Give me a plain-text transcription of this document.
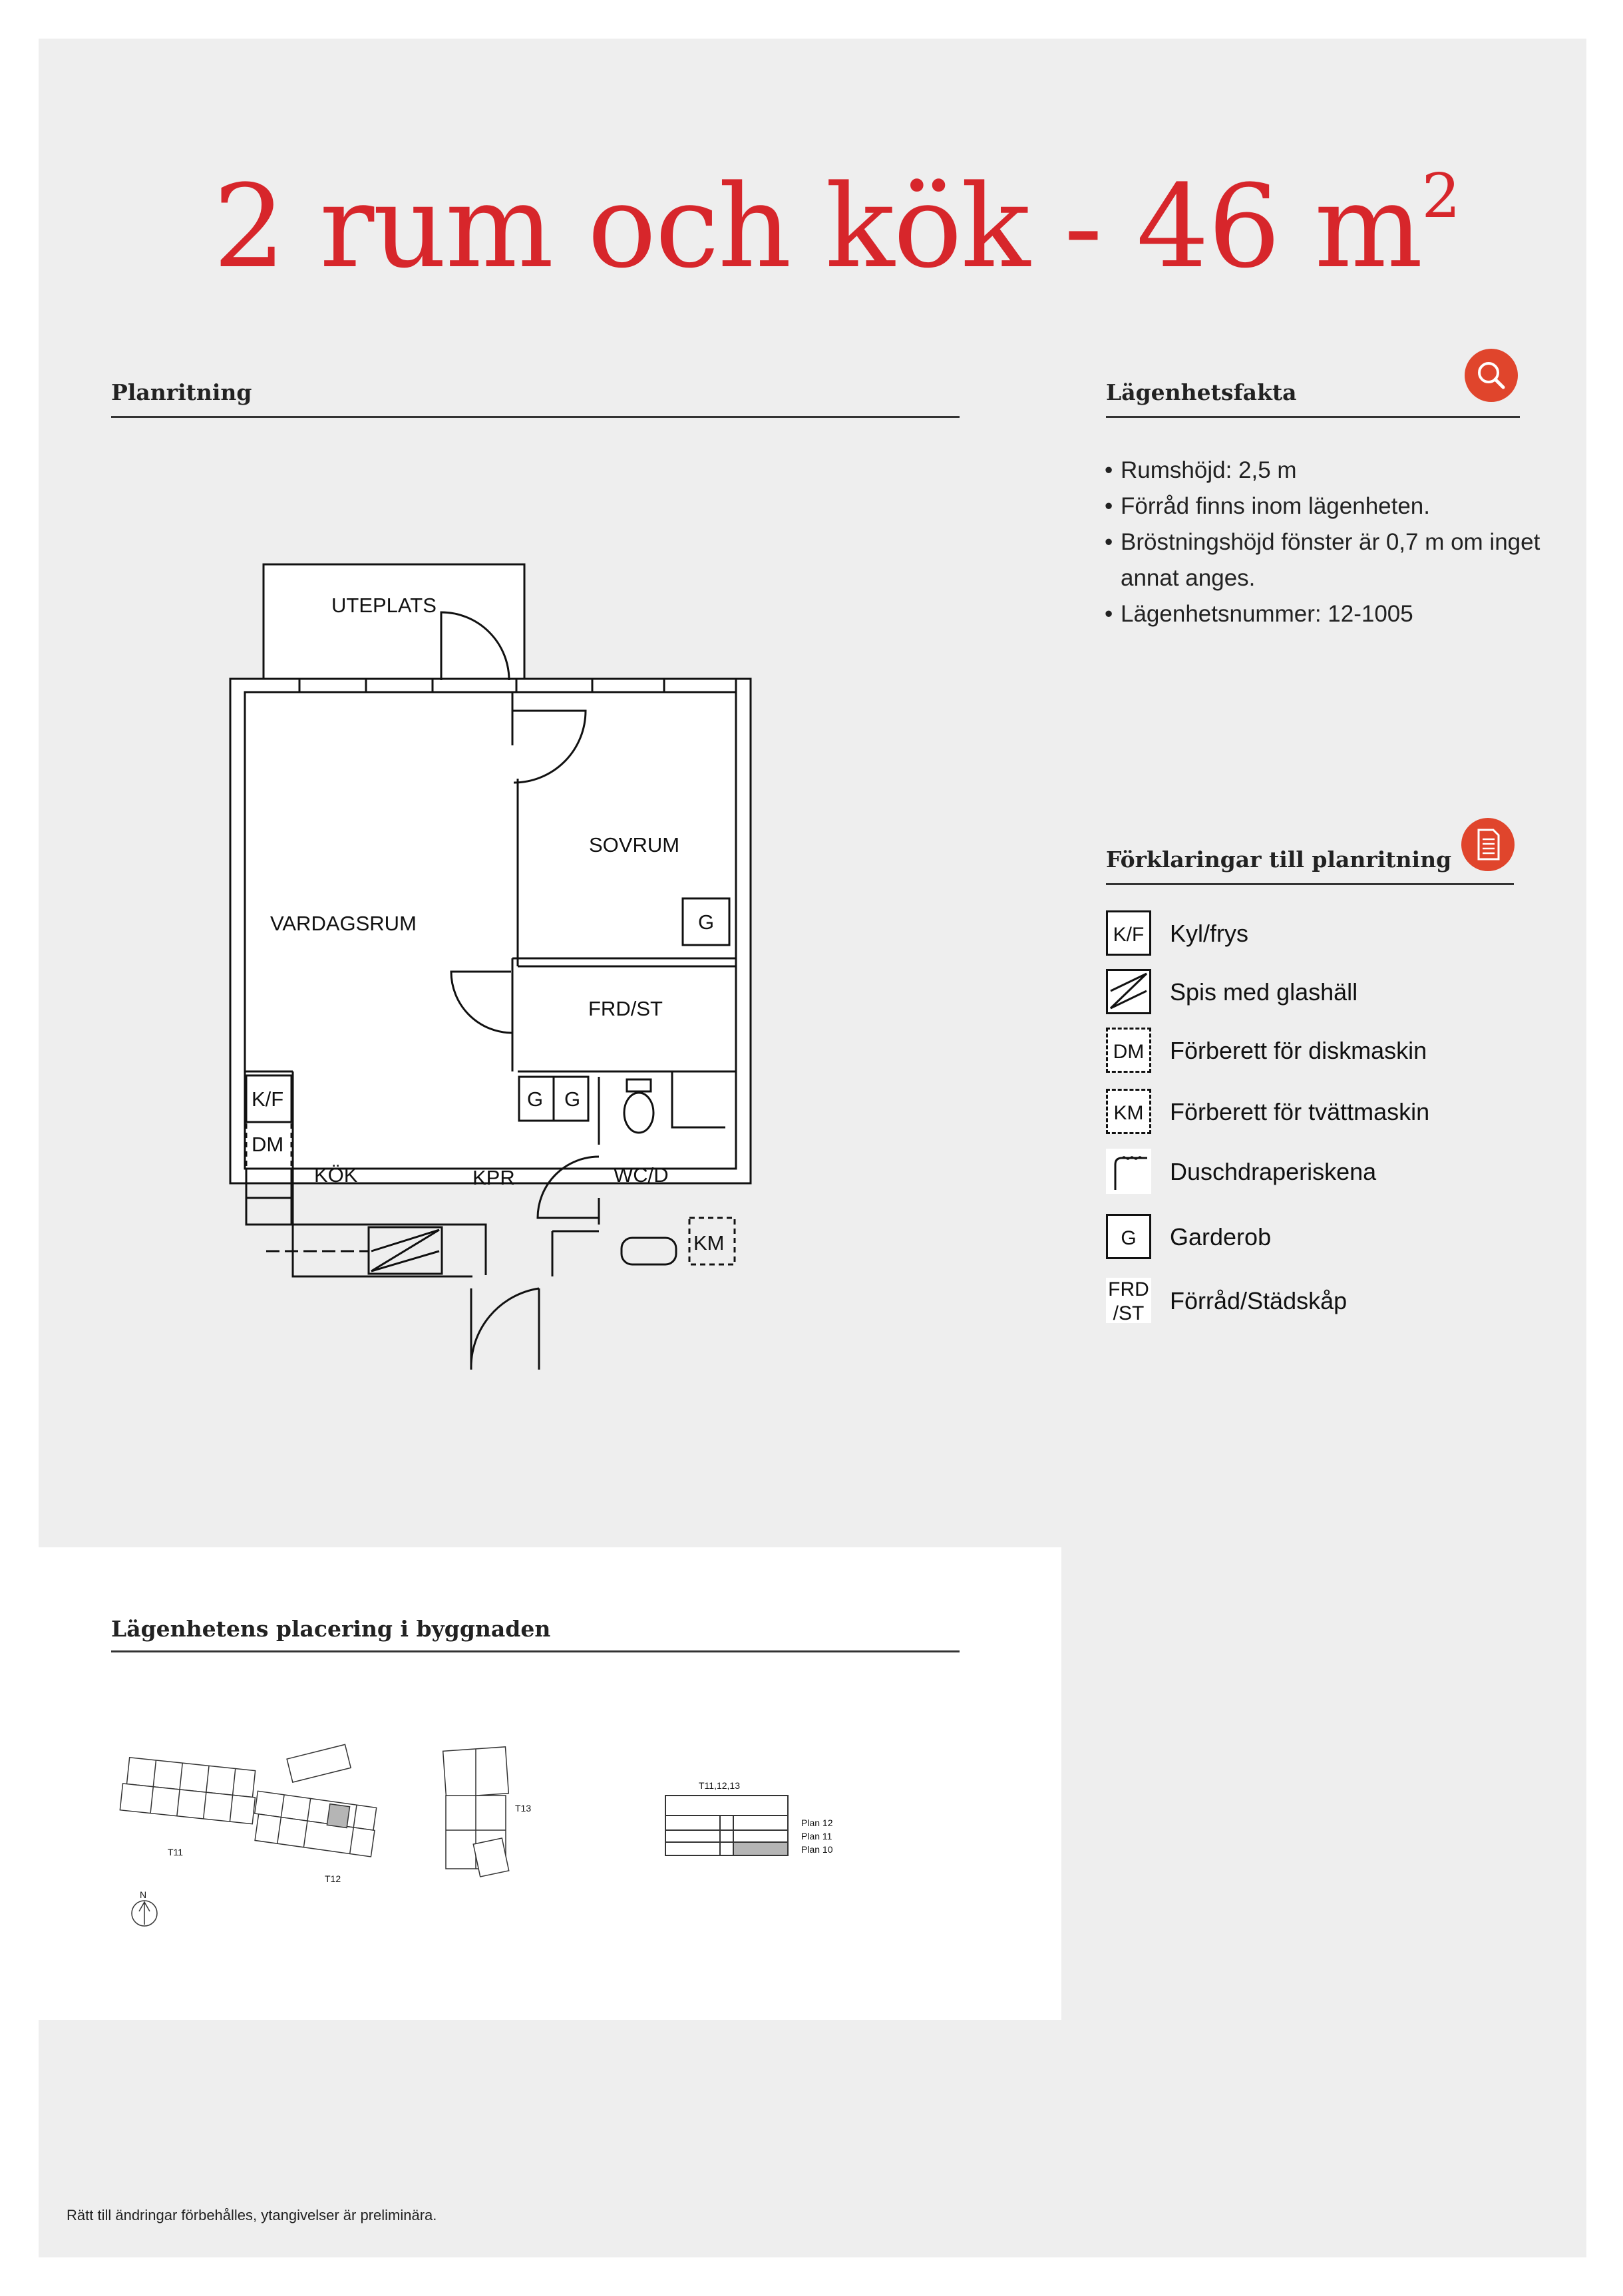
2 rum och kök - 46 $m^2$
Planritning	Lägenhetsfakta
• Rumshöjd: 2,5 m
• Förråd finns inom lägenheten.
• Bröstningshöjd fönster är 0,7 m om inget annat anges.
• Lägenhetsnummer: 12-1005
Förklaringar till planritning
K/F Kyl/frys
Spis med glashäll
DM Förberett för diskmaskin
KM	Förberett för tvättmaskin
Duschdraperiskena
G	Garderob
FRD /ST Förråd/Städskåp
UTEPLATS
SOVRUM
VARDAGSRUM	G
FRD/ST
G G
K/F
DM
KÖK	KPR	WC/D
KM
Lägenhetens placering i byggnaden
T11
T12
T13
N
T11,12,13
Plan 12
Plan 11
Plan 10
Rätt till ändringar förbehålles, ytangivelser är preliminära.
